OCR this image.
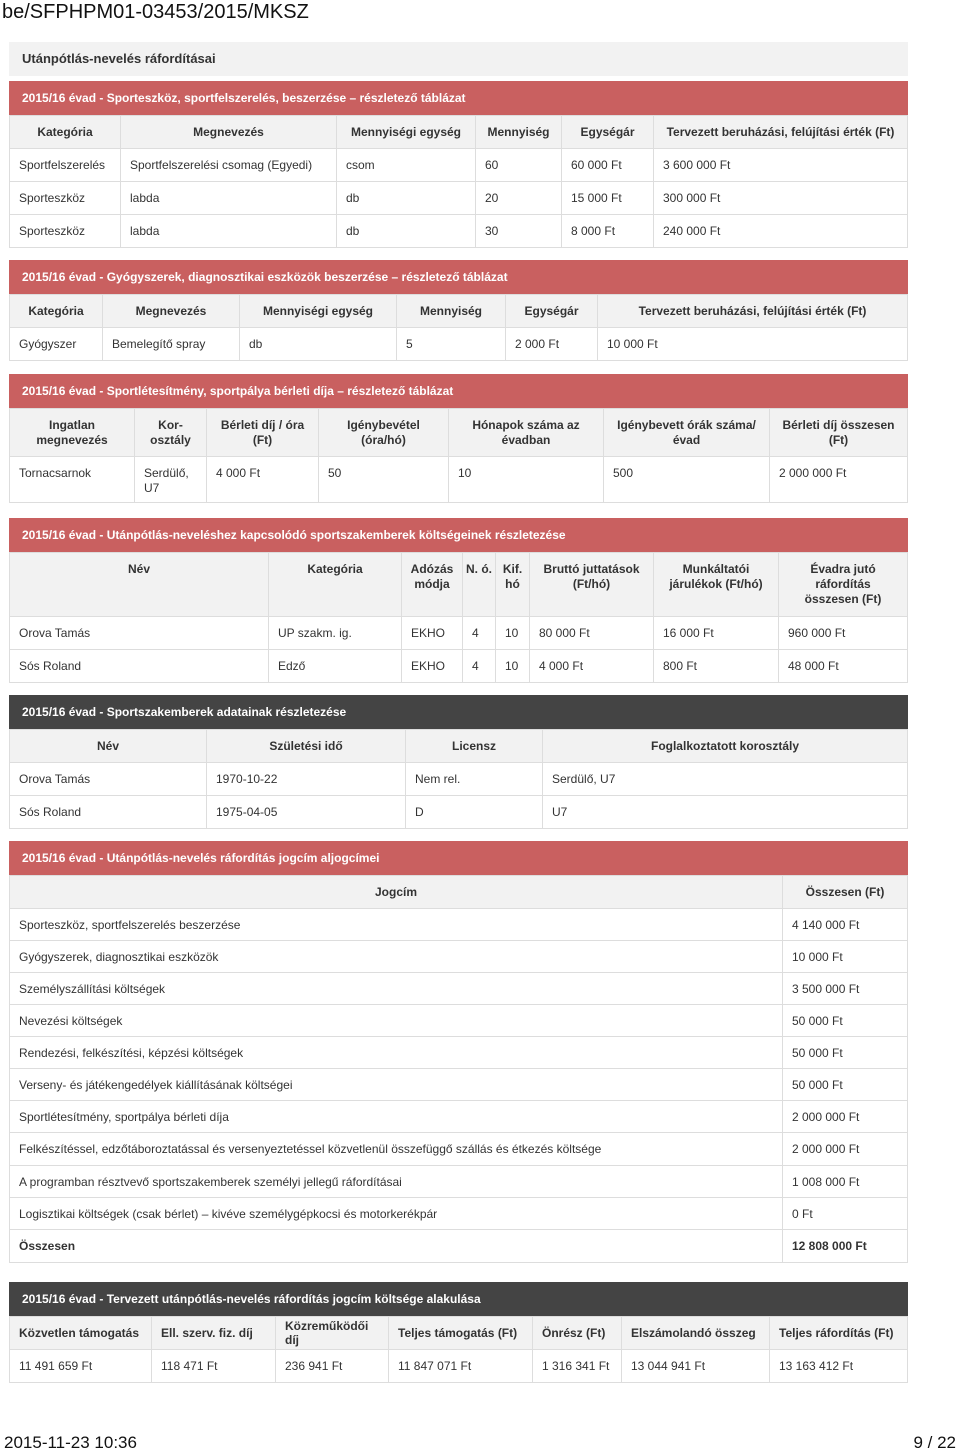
be/SFPHPM01-03453/2015/MKSZ
Utánpótlás-nevelés ráfordításai
2015/16 évad - Sporteszköz, sportfelszerelés, beszerzése – részletező táblázat
Kategória	Megnevezés	Mennyiségi egység	Mennyiség	Egységár	Tervezett beruházási, felújítási érték (Ft)
Sportfelszerelés	Sportfelszerelési csomag (Egyedi)	csom	60	60 000 Ft	3 600 000 Ft
Sporteszköz	labda	db	20	15 000 Ft	300 000 Ft
Sporteszköz	labda	db	30	8 000 Ft	240 000 Ft
2015/16 évad - Gyógyszerek, diagnosztikai eszközök beszerzése – részletező táblázat
Kategória	Megnevezés	Mennyiségi egység	Mennyiség	Egységár	Tervezett beruházási, felújítási érték (Ft)
Gyógyszer	Bemelegítő spray	db	5	2 000 Ft	10 000 Ft
2015/16 évad - Sportlétesítmény, sportpálya bérleti díja – részletező táblázat
Ingatlan megnevezés	Kor-osztály	Bérleti díj / óra (Ft)	Igénybevétel (óra/hó)	Hónapok száma az évadban	Igénybevett órák száma/évad	Bérleti díj összesen (Ft)
Tornacsarnok	Serdülő, U7	4 000 Ft	50	10	500	2 000 000 Ft
2015/16 évad - Utánpótlás-neveléshez kapcsolódó sportszakemberek költségeinek részletezése
Név	Kategória	Adózás módja	N. ó.	Kif. hó	Bruttó juttatások (Ft/hó)	Munkáltatói járulékok (Ft/hó)	Évadra jutó ráfordítás összesen (Ft)
Orova Tamás	UP szakm. ig.	EKHO	4	10	80 000 Ft	16 000 Ft	960 000 Ft
Sós Roland	Edző	EKHO	4	10	4 000 Ft	800 Ft	48 000 Ft
2015/16 évad - Sportszakemberek adatainak részletezése
Név	Születési idő	Licensz	Foglalkoztatott korosztály
Orova Tamás	1970-10-22	Nem rel.	Serdülő, U7
Sós Roland	1975-04-05	D	U7
2015/16 évad - Utánpótlás-nevelés ráfordítás jogcím aljogcímei
Jogcím	Összesen (Ft)
Sporteszköz, sportfelszerelés beszerzése	4 140 000 Ft
Gyógyszerek, diagnosztikai eszközök	10 000 Ft
Személyszállítási költségek	3 500 000 Ft
Nevezési költségek	50 000 Ft
Rendezési, felkészítési, képzési költségek	50 000 Ft
Verseny- és játékengedélyek kiállításának költségei	50 000 Ft
Sportlétesítmény, sportpálya bérleti díja	2 000 000 Ft
Felkészítéssel, edzőtáboroztatással és versenyeztetéssel közvetlenül összefüggő szállás és étkezés költsége	2 000 000 Ft
A programban résztvevő sportszakemberek személyi jellegű ráfordításai	1 008 000 Ft
Logisztikai költségek (csak bérlet) – kivéve személygépkocsi és motorkerékpár	0 Ft
Összesen	12 808 000 Ft
2015/16 évad - Tervezett utánpótlás-nevelés ráfordítás jogcím költsége alakulása
Közvetlen támogatás	Ell. szerv. fiz. díj	Közreműködői díj	Teljes támogatás (Ft)	Önrész (Ft)	Elszámolandó összeg	Teljes ráfordítás (Ft)
11 491 659 Ft	118 471 Ft	236 941 Ft	11 847 071 Ft	1 316 341 Ft	13 044 941 Ft	13 163 412 Ft
2015-11-23 10:36	9 / 22
